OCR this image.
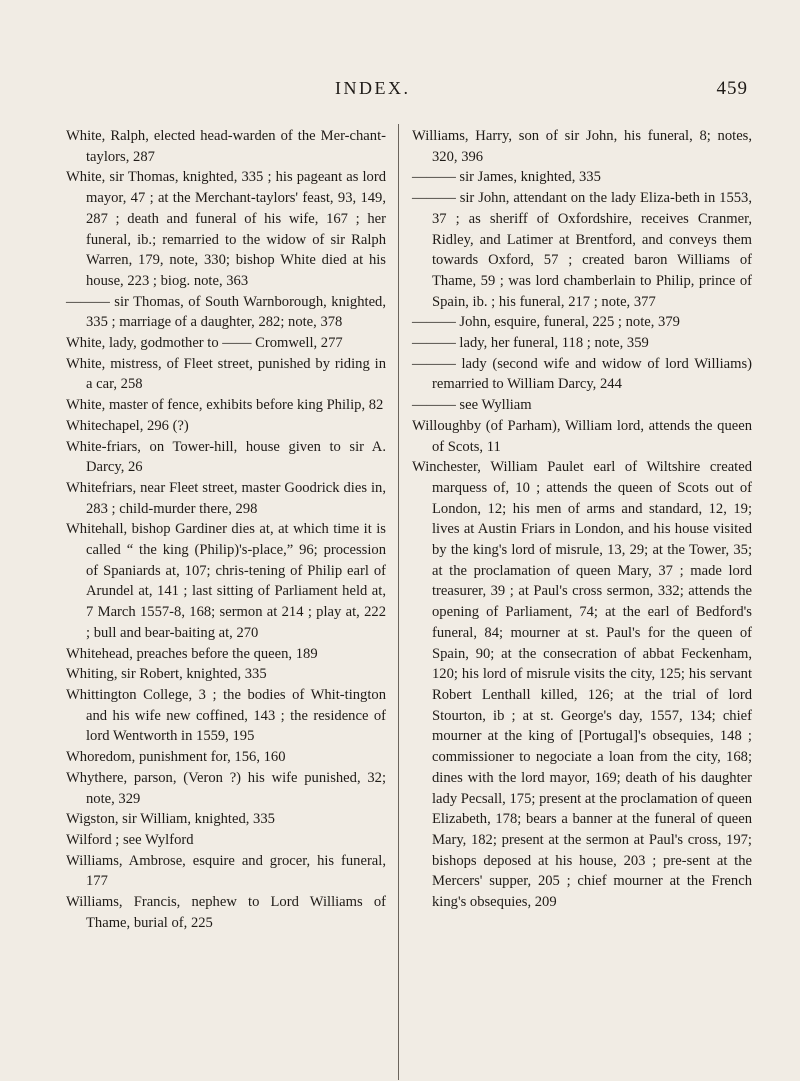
INDEX.	459

White, Ralph, elected head-warden of the Mer-chant-taylors, 287

White, sir Thomas, knighted, 335 ; his pageant as lord mayor, 47 ; at the Merchant-taylors' feast, 93, 149, 287 ; death and funeral of his wife, 167 ; her funeral, ib.; remarried to the widow of sir Ralph Warren, 179, note, 330; bishop White died at his house, 223 ; biog. note, 363

——— sir Thomas, of South Warnborough, knighted, 335 ; marriage of a daughter, 282; note, 378

White, lady, godmother to —— Cromwell, 277

White, mistress, of Fleet street, punished by riding in a car, 258

White, master of fence, exhibits before king Philip, 82

Whitechapel, 296 (?)

White-friars, on Tower-hill, house given to sir A. Darcy, 26

Whitefriars, near Fleet street, master Goodrick dies in, 283 ; child-murder there, 298

Whitehall, bishop Gardiner dies at, at which time it is called “ the king (Philip)'s-place,” 96; procession of Spaniards at, 107; chris-tening of Philip earl of Arundel at, 141 ; last sitting of Parliament held at, 7 March 1557-8, 168; sermon at 214 ; play at, 222 ; bull and bear-baiting at, 270

Whitehead, preaches before the queen, 189

Whiting, sir Robert, knighted, 335

Whittington College, 3 ; the bodies of Whit-tington and his wife new coffined, 143 ; the residence of lord Wentworth in 1559, 195

Whoredom, punishment for, 156, 160

Whythere, parson, (Veron ?) his wife punished, 32; note, 329

Wigston, sir William, knighted, 335

Wilford ; see Wylford

Williams, Ambrose, esquire and grocer, his funeral, 177

Williams, Francis, nephew to Lord Williams of Thame, burial of, 225

Williams, Harry, son of sir John, his funeral, 8; notes, 320, 396

——— sir James, knighted, 335

——— sir John, attendant on the lady Eliza-beth in 1553, 37 ; as sheriff of Oxfordshire, receives Cranmer, Ridley, and Latimer at Brentford, and conveys them towards Oxford, 57 ; created baron Williams of Thame, 59 ; was lord chamberlain to Philip, prince of Spain, ib. ; his funeral, 217 ; note, 377

——— John, esquire, funeral, 225 ; note, 379

——— lady, her funeral, 118 ; note, 359

——— lady (second wife and widow of lord Williams) remarried to William Darcy, 244

——— see Wylliam

Willoughby (of Parham), William lord, attends the queen of Scots, 11

Winchester, William Paulet earl of Wiltshire created marquess of, 10 ; attends the queen of Scots out of London, 12; his men of arms and standard, 12, 19; lives at Austin Friars in London, and his house visited by the king's lord of misrule, 13, 29; at the Tower, 35; at the proclamation of queen Mary, 37 ; made lord treasurer, 39 ; at Paul's cross sermon, 332; attends the opening of Parliament, 74; at the earl of Bedford's funeral, 84; mourner at st. Paul's for the queen of Spain, 90; at the consecration of abbat Feckenham, 120; his lord of misrule visits the city, 125; his servant Robert Lenthall killed, 126; at the trial of lord Stourton, ib ; at st. George's day, 1557, 134; chief mourner at the king of [Portugal]'s obsequies, 148 ; commissioner to negociate a loan from the city, 168; dines with the lord mayor, 169; death of his daughter lady Pecsall, 175; present at the proclamation of queen Elizabeth, 178; bears a banner at the funeral of queen Mary, 182; present at the sermon at Paul's cross, 197; bishops deposed at his house, 203 ; pre-sent at the Mercers' supper, 205 ; chief mourner at the French king's obsequies, 209
